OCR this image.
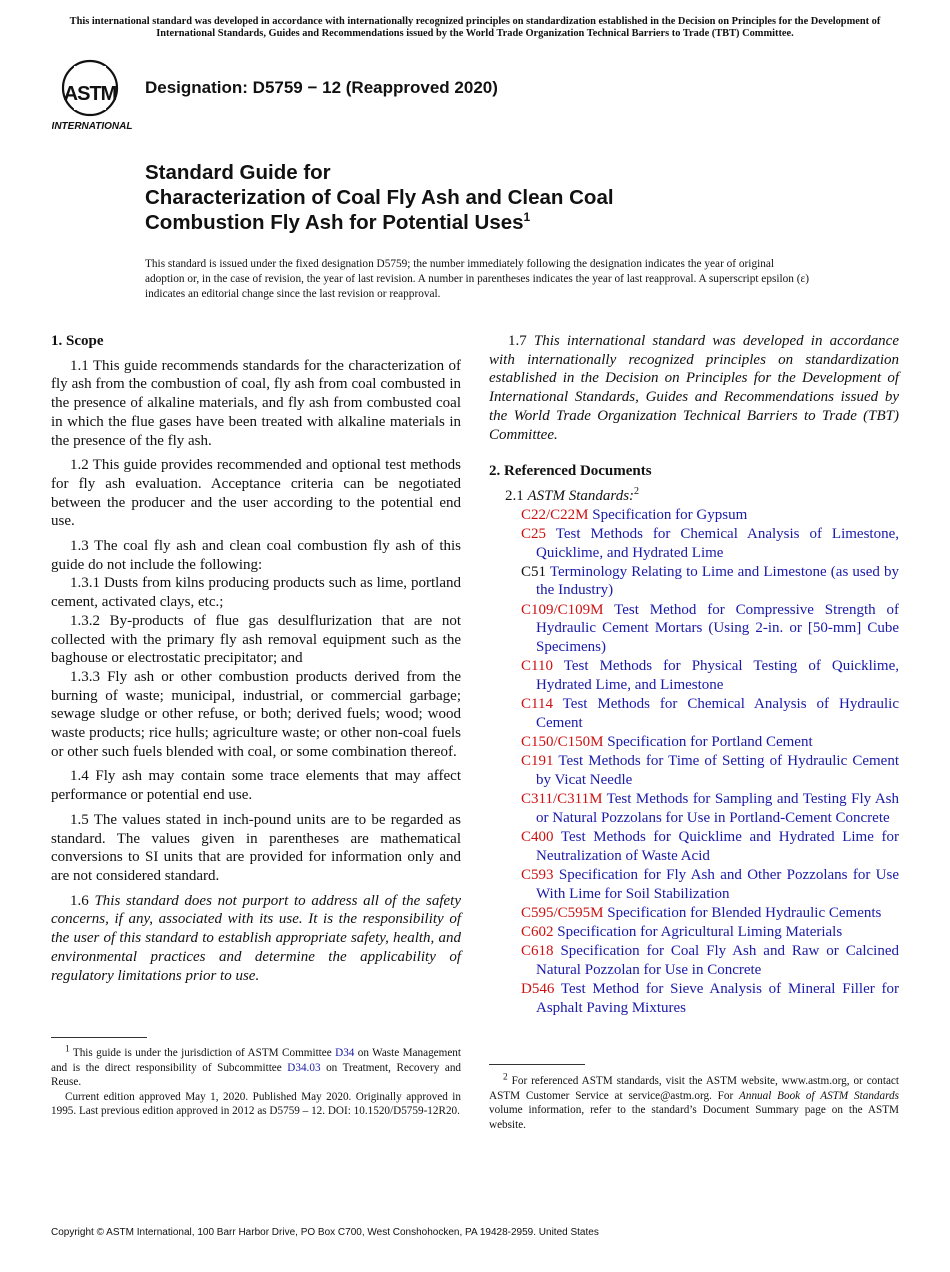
This international standard was developed in accordance with internationally recognized principles on standardization established in the Decision on Principles for the Development of International Standards, Guides and Recommendations issued by the World Trade Organization Technical Barriers to Trade (TBT) Committee.
ASTM
INTERNATIONAL
Designation: D5759 − 12 (Reapproved 2020)
Standard Guide for
Characterization of Coal Fly Ash and Clean Coal
Combustion Fly Ash for Potential Uses$^1$
This standard is issued under the fixed designation D5759; the number immediately following the designation indicates the year of original adoption or, in the case of revision, the year of last revision. A number in parentheses indicates the year of last reapproval. A superscript epsilon (ε) indicates an editorial change since the last revision or reapproval.
1. Scope
1.1 This guide recommends standards for the characterization of fly ash from the combustion of coal, fly ash from coal combusted in the presence of alkaline materials, and fly ash from combusted coal in which the flue gases have been treated with alkaline materials in the presence of the fly ash.
1.2 This guide provides recommended and optional test methods for fly ash evaluation. Acceptance criteria can be negotiated between the producer and the user according to the potential end use.
1.3 The coal fly ash and clean coal combustion fly ash of this guide do not include the following:
1.3.1 Dusts from kilns producing products such as lime, portland cement, activated clays, etc.;
1.3.2 By-products of flue gas desulflurization that are not collected with the primary fly ash removal equipment such as the baghouse or electrostatic precipitator; and
1.3.3 Fly ash or other combustion products derived from the burning of waste; municipal, industrial, or commercial garbage; sewage sludge or other refuse, or both; derived fuels; wood; wood waste products; rice hulls; agriculture waste; or other non-coal fuels or other such fuels blended with coal, or some combination thereof.
1.4 Fly ash may contain some trace elements that may affect performance or potential end use.
1.5 The values stated in inch-pound units are to be regarded as standard. The values given in parentheses are mathematical conversions to SI units that are provided for information only and are not considered standard.
1.6 This standard does not purport to address all of the safety concerns, if any, associated with its use. It is the responsibility of the user of this standard to establish appropriate safety, health, and environmental practices and determine the applicability of regulatory limitations prior to use.
$^1$ This guide is under the jurisdiction of ASTM Committee D34 on Waste Management and is the direct responsibility of Subcommittee D34.03 on Treatment, Recovery and Reuse.
Current edition approved May 1, 2020. Published May 2020. Originally approved in 1995. Last previous edition approved in 2012 as D5759 – 12. DOI: 10.1520/D5759-12R20.
1.7 This international standard was developed in accordance with internationally recognized principles on standardization established in the Decision on Principles for the Development of International Standards, Guides and Recommendations issued by the World Trade Organization Technical Barriers to Trade (TBT) Committee.
2. Referenced Documents
2.1 ASTM Standards:$^2$
C22/C22M Specification for Gypsum
C25 Test Methods for Chemical Analysis of Limestone, Quicklime, and Hydrated Lime
C51 Terminology Relating to Lime and Limestone (as used by the Industry)
C109/C109M Test Method for Compressive Strength of Hydraulic Cement Mortars (Using 2-in. or [50-mm] Cube Specimens)
C110 Test Methods for Physical Testing of Quicklime, Hydrated Lime, and Limestone
C114 Test Methods for Chemical Analysis of Hydraulic Cement
C150/C150M Specification for Portland Cement
C191 Test Methods for Time of Setting of Hydraulic Cement by Vicat Needle
C311/C311M Test Methods for Sampling and Testing Fly Ash or Natural Pozzolans for Use in Portland-Cement Concrete
C400 Test Methods for Quicklime and Hydrated Lime for Neutralization of Waste Acid
C593 Specification for Fly Ash and Other Pozzolans for Use With Lime for Soil Stabilization
C595/C595M Specification for Blended Hydraulic Cements
C602 Specification for Agricultural Liming Materials
C618 Specification for Coal Fly Ash and Raw or Calcined Natural Pozzolan for Use in Concrete
D546 Test Method for Sieve Analysis of Mineral Filler for Asphalt Paving Mixtures
$^2$ For referenced ASTM standards, visit the ASTM website, www.astm.org, or contact ASTM Customer Service at service@astm.org. For Annual Book of ASTM Standards volume information, refer to the standard’s Document Summary page on the ASTM website.
Copyright © ASTM International, 100 Barr Harbor Drive, PO Box C700, West Conshohocken, PA 19428-2959. United States
